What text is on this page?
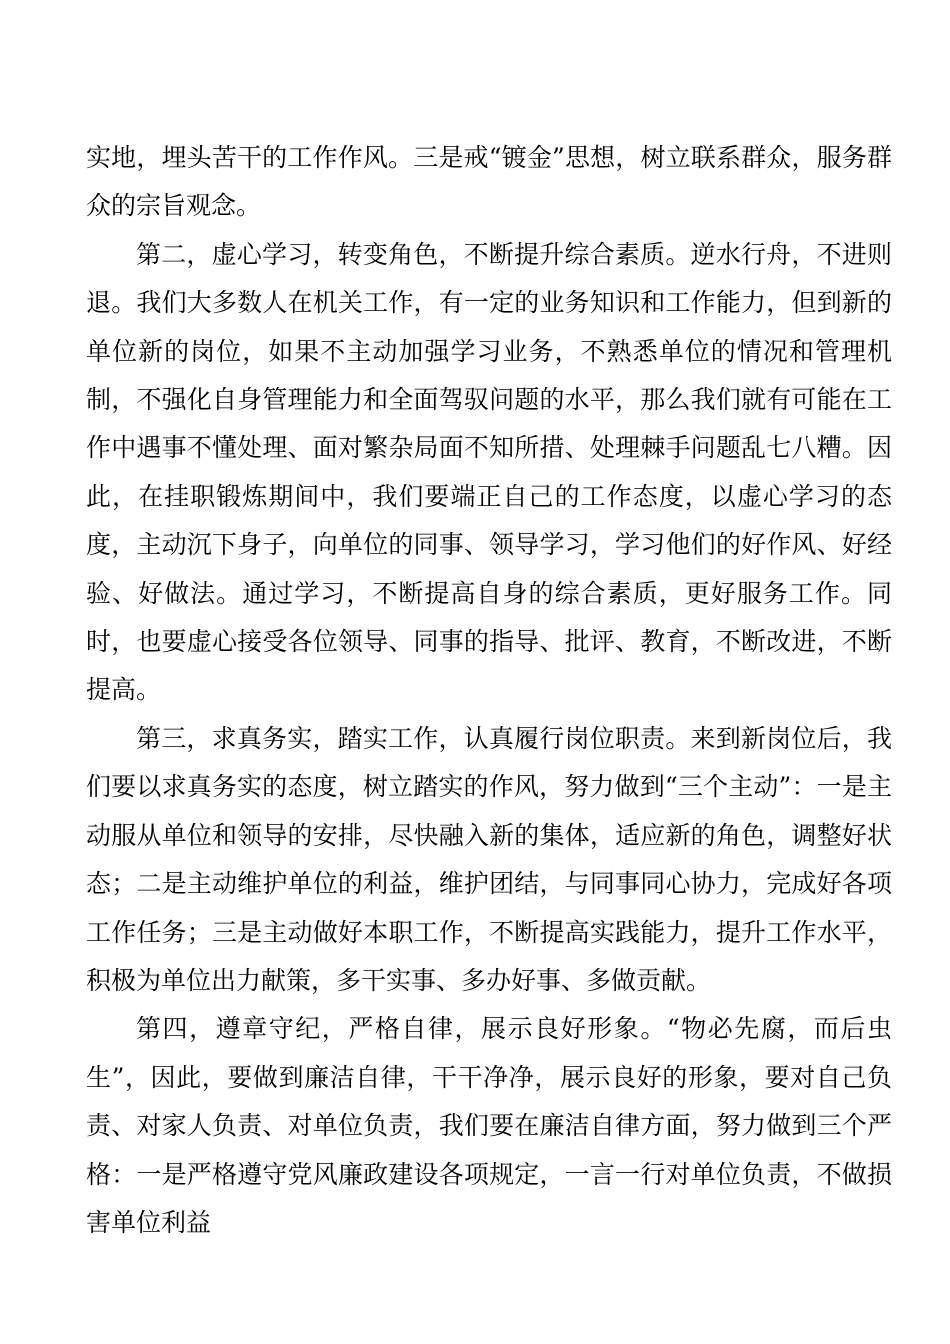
实地，埋头苦干的工作作风。三是戒“镀金”思想，树立联系群众，服务群众的宗旨观念。

第二，虚心学习，转变角色，不断提升综合素质。逆水行舟，不进则退。我们大多数人在机关工作，有一定的业务知识和工作能力，但到新的单位新的岗位，如果不主动加强学习业务，不熟悉单位的情况和管理机制，不强化自身管理能力和全面驾驭问题的水平，那么我们就有可能在工作中遇事不懂处理、面对繁杂局面不知所措、处理棘手问题乱七八糟。因此，在挂职锻炼期间中，我们要端正自己的工作态度，以虚心学习的态度，主动沉下身子，向单位的同事、领导学习，学习他们的好作风、好经验、好做法。通过学习，不断提高自身的综合素质，更好服务工作。同时，也要虚心接受各位领导、同事的指导、批评、教育，不断改进，不断提高。

第三，求真务实，踏实工作，认真履行岗位职责。来到新岗位后，我们要以求真务实的态度，树立踏实的作风，努力做到“三个主动”：一是主动服从单位和领导的安排，尽快融入新的集体，适应新的角色，调整好状态；二是主动维护单位的利益，维护团结，与同事同心协力，完成好各项工作任务；三是主动做好本职工作，不断提高实践能力，提升工作水平，积极为单位出力献策，多干实事、多办好事、多做贡献。

第四，遵章守纪，严格自律，展示良好形象。“物必先腐，而后虫生”，因此，要做到廉洁自律，干干净净，展示良好的形象，要对自己负责、对家人负责、对单位负责，我们要在廉洁自律方面，努力做到三个严格：一是严格遵守党风廉政建设各项规定，一言一行对单位负责，不做损害单位利益
